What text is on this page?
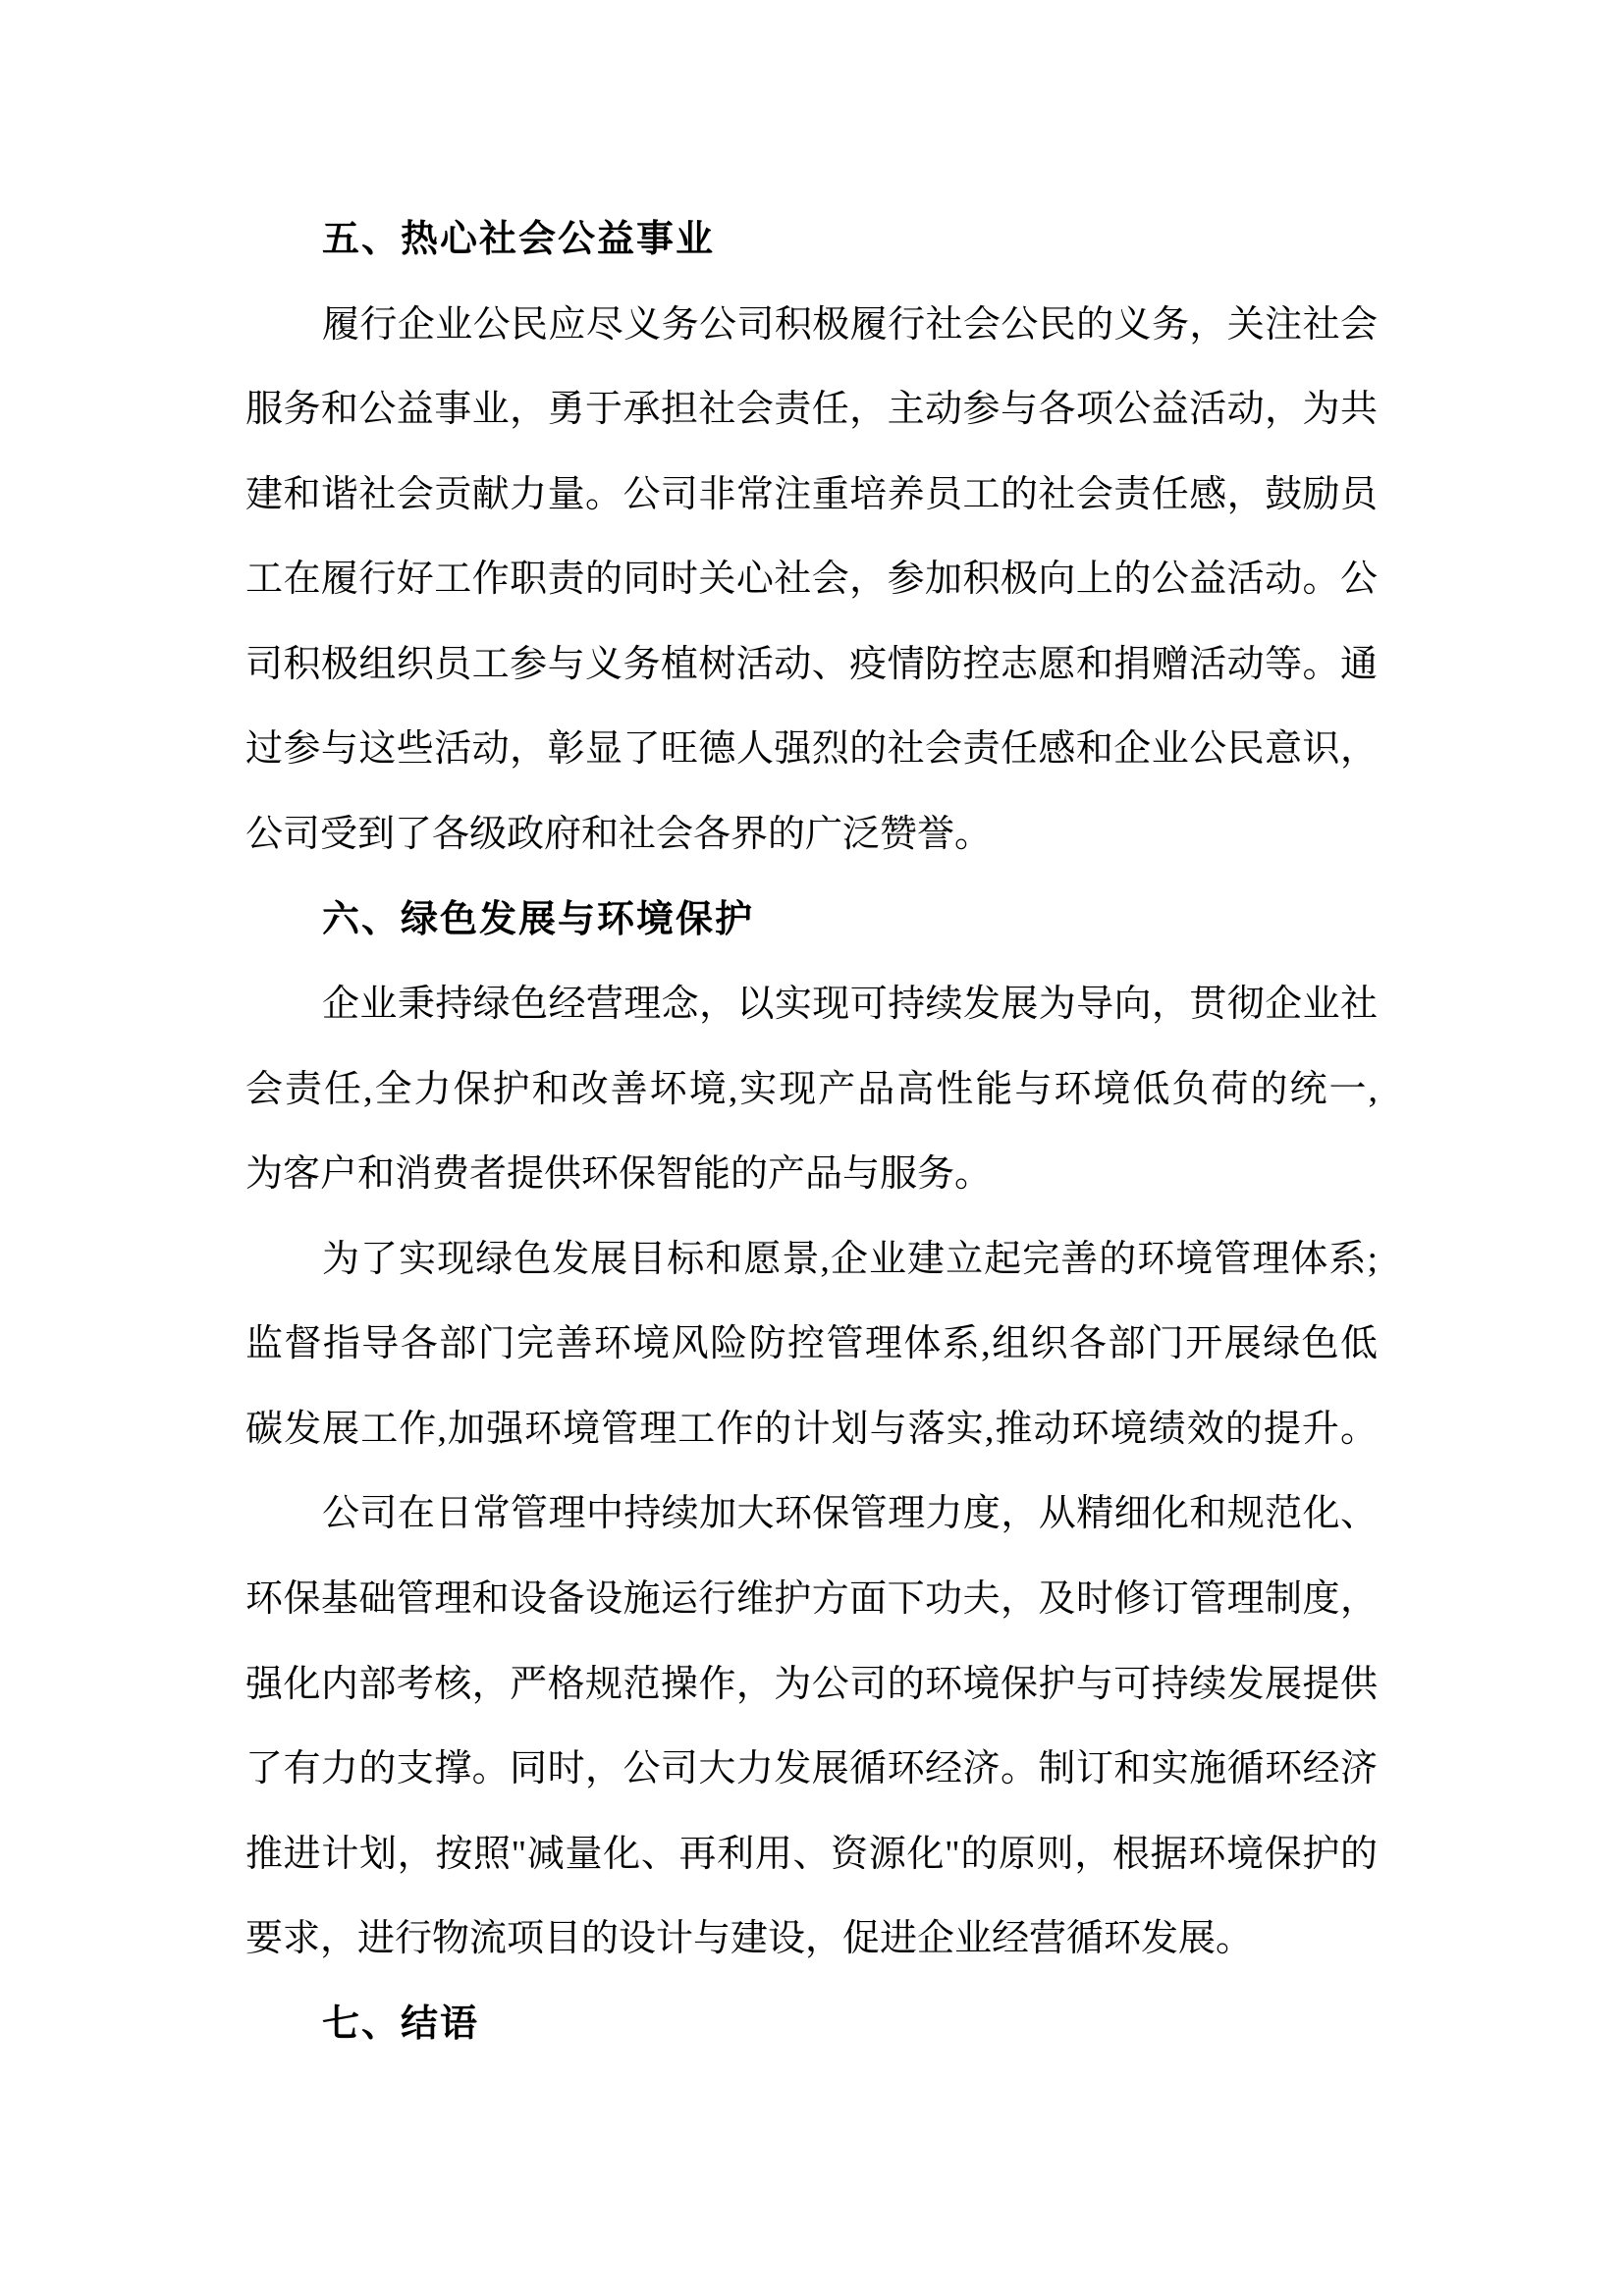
五、热心社会公益事业
履行企业公民应尽义务公司积极履行社会公民的义务，关注社会
服务和公益事业，勇于承担社会责任，主动参与各项公益活动，为共
建和谐社会贡献力量。公司非常注重培养员工的社会责任感，鼓励员
工在履行好工作职责的同时关心社会，参加积极向上的公益活动。公
司积极组织员工参与义务植树活动、疫情防控志愿和捐赠活动等。通
过参与这些活动，彰显了旺德人强烈的社会责任感和企业公民意识，
公司受到了各级政府和社会各界的广泛赞誉。
六、绿色发展与环境保护
企业秉持绿色经营理念，以实现可持续发展为导向，贯彻企业社
会责任,全力保护和改善坏境,实现产品高性能与环境低负荷的统一,
为客户和消费者提供环保智能的产品与服务。
为了实现绿色发展目标和愿景,企业建立起完善的环境管理体系;
监督指导各部门完善环境风险防控管理体系,组织各部门开展绿色低
碳发展工作,加强环境管理工作的计划与落实,推动环境绩效的提升。
公司在日常管理中持续加大环保管理力度，从精细化和规范化、
环保基础管理和设备设施运行维护方面下功夫，及时修订管理制度，
强化内部考核，严格规范操作，为公司的环境保护与可持续发展提供
了有力的支撑。同时，公司大力发展循环经济。制订和实施循环经济
推进计划，按照"减量化、再利用、资源化"的原则，根据环境保护的
要求，进行物流项目的设计与建设，促进企业经营循环发展。
七、结语
